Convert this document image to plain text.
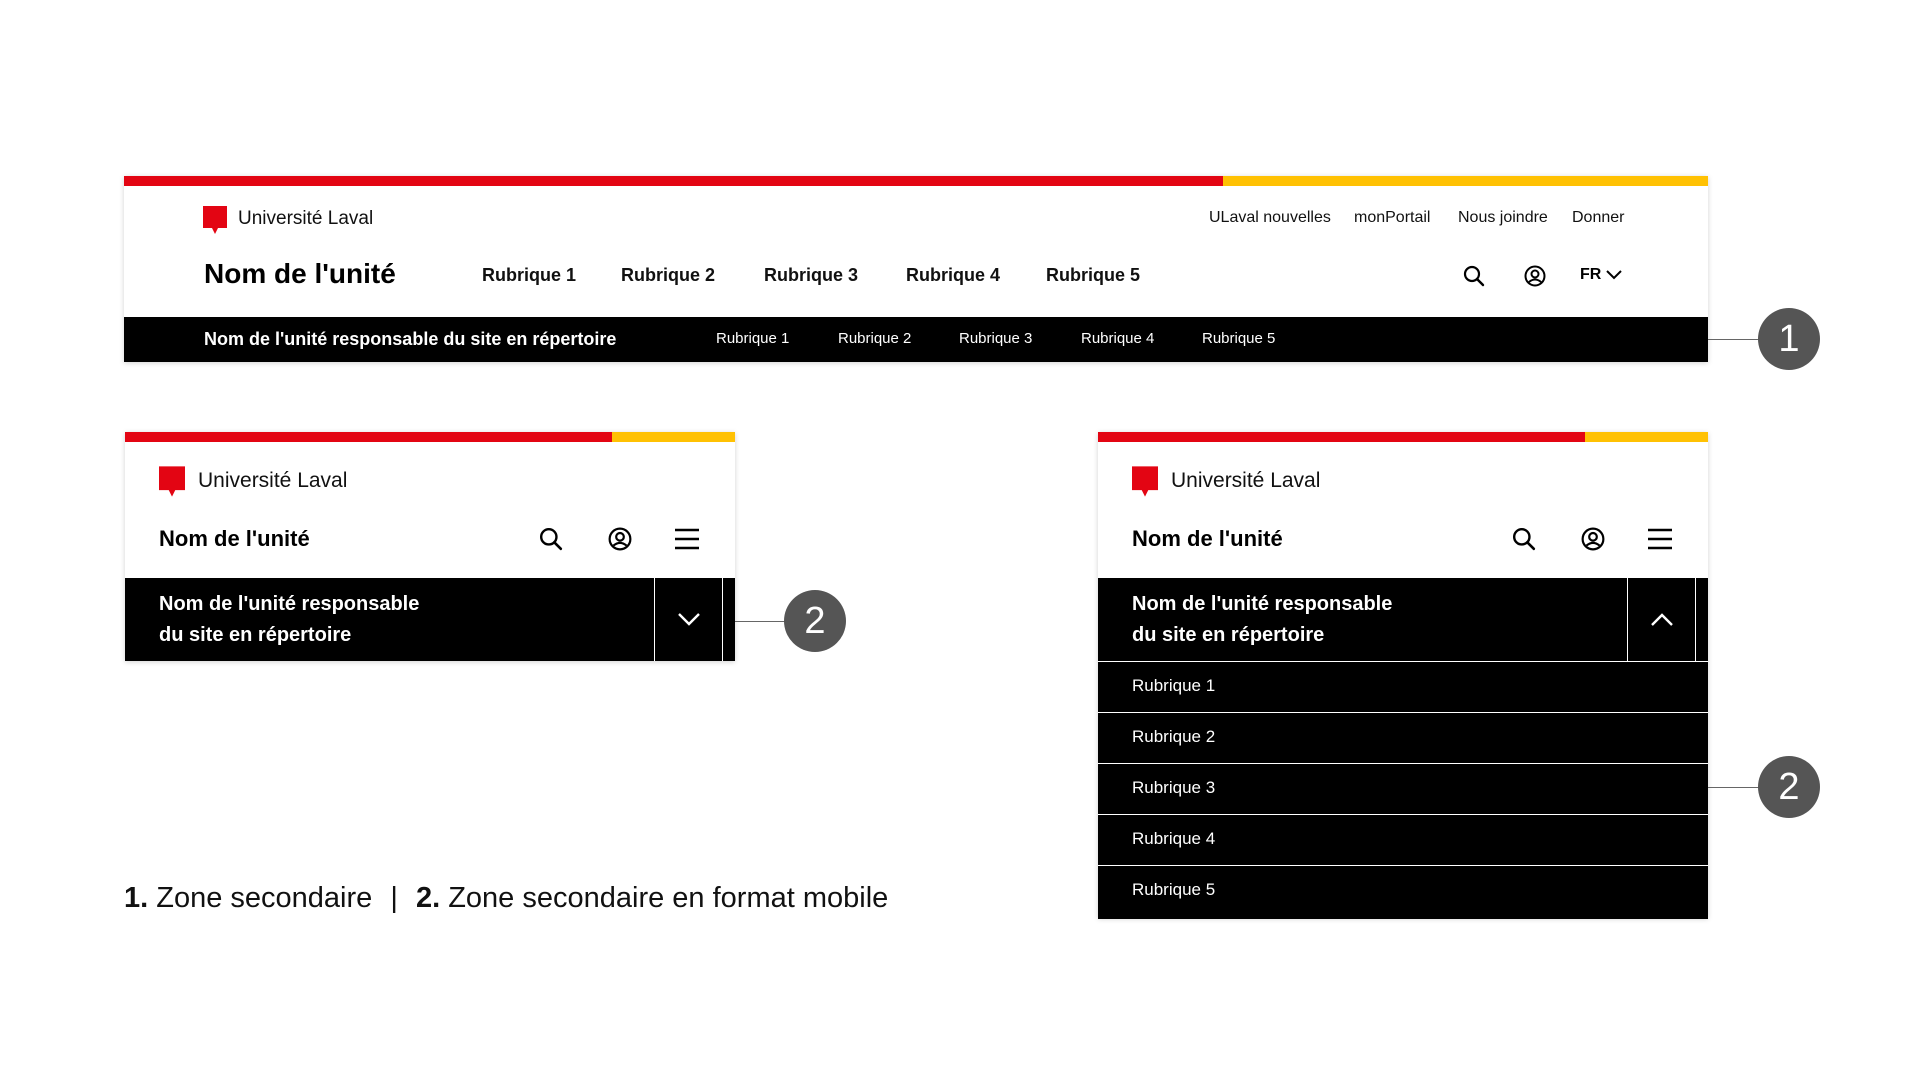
Université Laval	ULaval nouvelles monPortail Nous joindre Donner
Nom de l'unité	Rubrique 1 Rubrique 2	Rubrique 3	Rubrique 4	Rubrique 5	FR
Nom de l'unité responsable du site en répertoire	Rubrique 1	Rubrique 2	Rubrique 3	Rubrique 4	Rubrique 5	1
Université Laval
Nom de l'unité
Nom de l'unité responsable
du site en répertoire	2
Université Laval
Nom de l'unité
Nom de l'unité responsable
du site en répertoire
Rubrique 1
Rubrique 2
Rubrique 3
Rubrique 4
Rubrique 5
2
1. Zone secondaire | 2. Zone secondaire en format mobile
